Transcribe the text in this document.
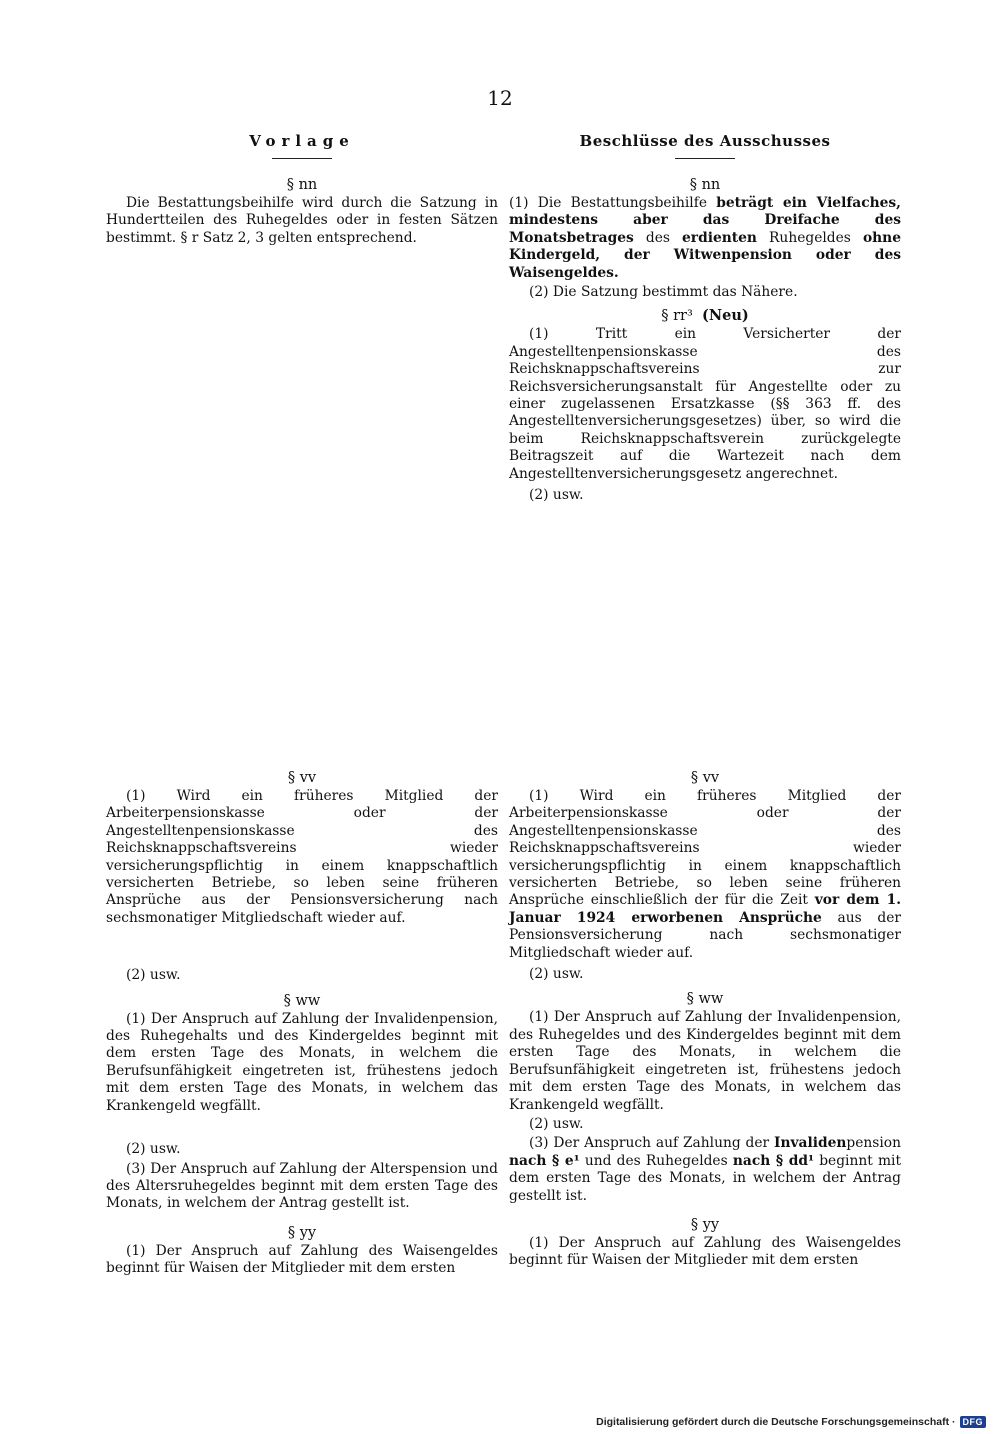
12
Vorlage

§ nn

Die Bestattungsbeihilfe wird durch die Satzung in Hundertteilen des Ruhegeldes oder in festen Sätzen bestimmt. § r Satz 2, 3 gelten entsprechend.

Beschlüsse des Ausschusses

§ nn

(1) Die Bestattungsbeihilfe beträgt ein Vielfaches, mindestens aber das Dreifache des Monatsbetrages des erdienten Ruhegeldes ohne Kindergeld, der Witwenpension oder des Waisengeldes.

(2) Die Satzung bestimmt das Nähere.

§ rr³ (Neu)

(1) Tritt ein Versicherter der Angestelltenpensionskasse des Reichsknappschaftsvereins zur Reichsversicherungsanstalt für Angestellte oder zu einer zugelassenen Ersatzkasse (§§ 363 ff. des Angestelltenversicherungsgesetzes) über, so wird die beim Reichsknappschaftsverein zurückgelegte Beitragszeit auf die Wartezeit nach dem Angestelltenversicherungsgesetz angerechnet.

(2) usw.

§ vv

(1) Wird ein früheres Mitglied der Arbeiterpensionskasse oder der Angestelltenpensionskasse des Reichsknappschaftsvereins wieder versicherungspflichtig in einem knappschaftlich versicherten Betriebe, so leben seine früheren Ansprüche aus der Pensionsversicherung nach sechsmonatiger Mitgliedschaft wieder auf.

(2) usw.

§ ww

(1) Der Anspruch auf Zahlung der Invalidenpension, des Ruhegehalts und des Kindergeldes beginnt mit dem ersten Tage des Monats, in welchem die Berufsunfähigkeit eingetreten ist, frühestens jedoch mit dem ersten Tage des Monats, in welchem das Krankengeld wegfällt.

(2) usw.

(3) Der Anspruch auf Zahlung der Alterspension und des Altersruhegeldes beginnt mit dem ersten Tage des Monats, in welchem der Antrag gestellt ist.

§ yy

(1) Der Anspruch auf Zahlung des Waisengeldes beginnt für Waisen der Mitglieder mit dem ersten

§ vv

(1) Wird ein früheres Mitglied der Arbeiterpensionskasse oder der Angestelltenpensionskasse des Reichsknappschaftsvereins wieder versicherungspflichtig in einem knappschaftlich versicherten Betriebe, so leben seine früheren Ansprüche einschließlich der für die Zeit vor dem 1. Januar 1924 erworbenen Ansprüche aus der Pensionsversicherung nach sechsmonatiger Mitgliedschaft wieder auf.

(2) usw.

§ ww

(1) Der Anspruch auf Zahlung der Invalidenpension, des Ruhegeldes und des Kindergeldes beginnt mit dem ersten Tage des Monats, in welchem die Berufsunfähigkeit eingetreten ist, frühestens jedoch mit dem ersten Tage des Monats, in welchem das Krankengeld wegfällt.

(2) usw.

(3) Der Anspruch auf Zahlung der Invalidenpension nach § e¹ und des Ruhegeldes nach § dd¹ beginnt mit dem ersten Tage des Monats, in welchem der Antrag gestellt ist.

§ yy

(1) Der Anspruch auf Zahlung des Waisengeldes beginnt für Waisen der Mitglieder mit dem ersten

Digitalisierung gefördert durch die Deutsche Forschungsgemeinschaft · DFG
